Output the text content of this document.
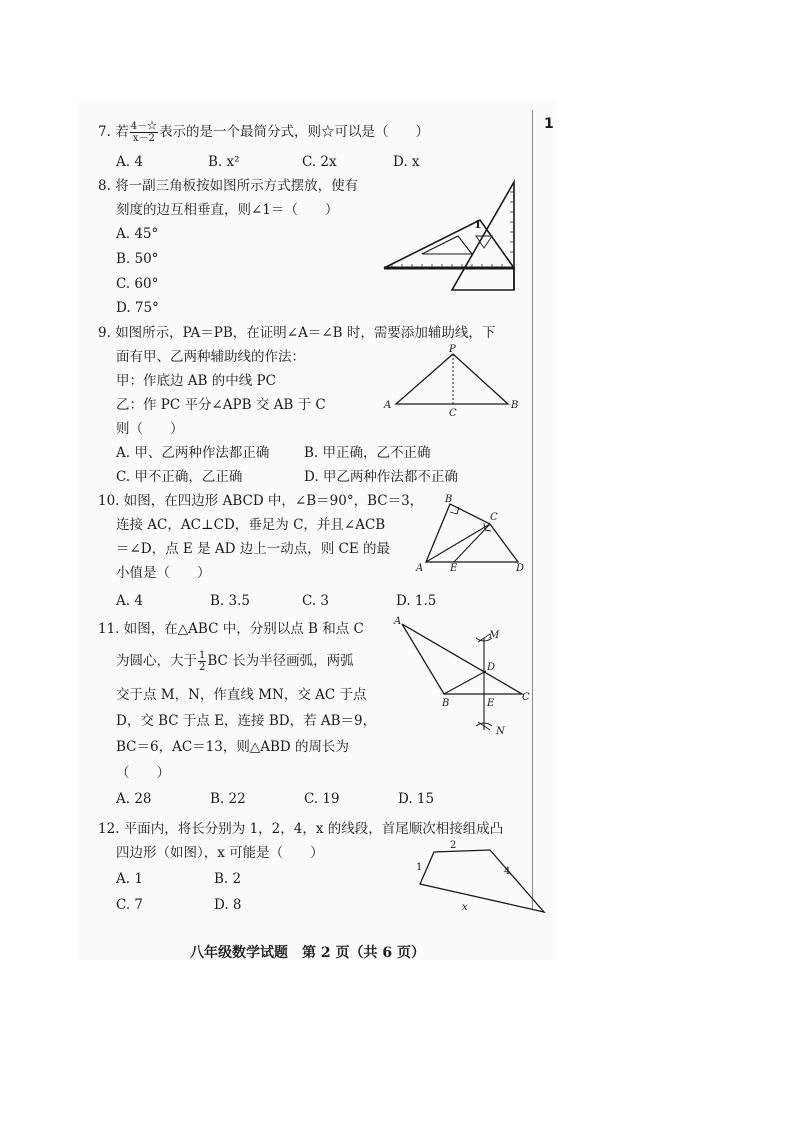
1
7. 若 $\frac{4-☆}{x-2}$ 表示的是一个最简分式，则☆可以是（　　）
A. 4	B. x²	C. 2x	D. x
8. 将一副三角板按如图所示方式摆放，使有
刻度的边互相垂直，则∠1＝（　　）
A. 45°
B. 50°
C. 60°
D. 75°
1
9. 如图所示，PA＝PB，在证明∠A＝∠B 时，需要添加辅助线，下
面有甲、乙两种辅助线的作法：
甲：作底边 AB 的中线 PC
乙：作 PC 平分∠APB 交 AB 于 C
则（　　）
A. 甲、乙两种作法都正确	B. 甲正确，乙不正确
C. 甲不正确，乙正确	D. 甲乙两种作法都不正确
P
A	B
C
10. 如图，在四边形 ABCD 中，∠B＝90°，BC＝3，
连接 AC，AC⊥CD，垂足为 C，并且∠ACB
＝∠D，点 E 是 AD 边上一动点，则 CE 的最
小值是（　　）
A. 4	B. 3.5	C. 3	D. 1.5
B
C
A	E	D
11. 如图，在△ABC 中，分别以点 B 和点 C
为圆心，大于 $\frac{1}{2}$ BC 长为半径画弧，两弧
交于点 M，N，作直线 MN，交 AC 于点
D，交 BC 于点 E，连接 BD，若 AB＝9，
BC＝6，AC＝13，则△ABD 的周长为
（　　）
A. 28	B. 22	C. 19	D. 15
A
M
D
B	E
C
N
12. 平面内，将长分别为 1，2，4，x 的线段，首尾顺次相接组成凸
四边形（如图），x 可能是（　　）
A. 1	B. 2
C. 7	D. 8
2
1	4
x
八年级数学试题　第 2 页（共 6 页）
